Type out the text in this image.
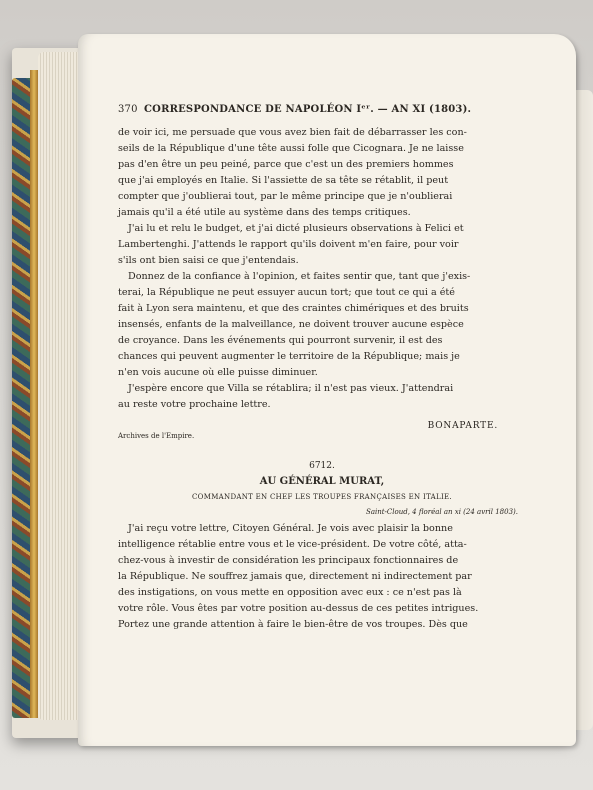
370 CORRESPONDANCE DE NAPOLÉON Iᵉʳ. — AN XI (1803).
de voir ici, me persuade que vous avez bien fait de débarrasser les con-
seils de la République d'une tête aussi folle que Cicognara. Je ne laisse
pas d'en être un peu peiné, parce que c'est un des premiers hommes
que j'ai employés en Italie. Si l'assiette de sa tête se rétablit, il peut
compter que j'oublierai tout, par le même principe que je n'oublierai
jamais qu'il a été utile au système dans des temps critiques.
J'ai lu et relu le budget, et j'ai dicté plusieurs observations à Felici et
Lambertenghi. J'attends le rapport qu'ils doivent m'en faire, pour voir
s'ils ont bien saisi ce que j'entendais.
Donnez de la confiance à l'opinion, et faites sentir que, tant que j'exis-
terai, la République ne peut essuyer aucun tort; que tout ce qui a été
fait à Lyon sera maintenu, et que des craintes chimériques et des bruits
insensés, enfants de la malveillance, ne doivent trouver aucune espèce
de croyance. Dans les événements qui pourront survenir, il est des
chances qui peuvent augmenter le territoire de la République; mais je
n'en vois aucune où elle puisse diminuer.
J'espère encore que Villa se rétablira; il n'est pas vieux. J'attendrai
au reste votre prochaine lettre.
BONAPARTE.
Archives de l'Empire.
6712.
AU GÉNÉRAL MURAT,
COMMANDANT EN CHEF LES TROUPES FRANÇAISES EN ITALIE.
Saint-Cloud, 4 floréal an xi (24 avril 1803).
J'ai reçu votre lettre, Citoyen Général. Je vois avec plaisir la bonne
intelligence rétablie entre vous et le vice-président. De votre côté, atta-
chez-vous à investir de considération les principaux fonctionnaires de
la République. Ne souffrez jamais que, directement ni indirectement par
des instigations, on vous mette en opposition avec eux : ce n'est pas là
votre rôle. Vous êtes par votre position au-dessus de ces petites intrigues.
Portez une grande attention à faire le bien-être de vos troupes. Dès que
